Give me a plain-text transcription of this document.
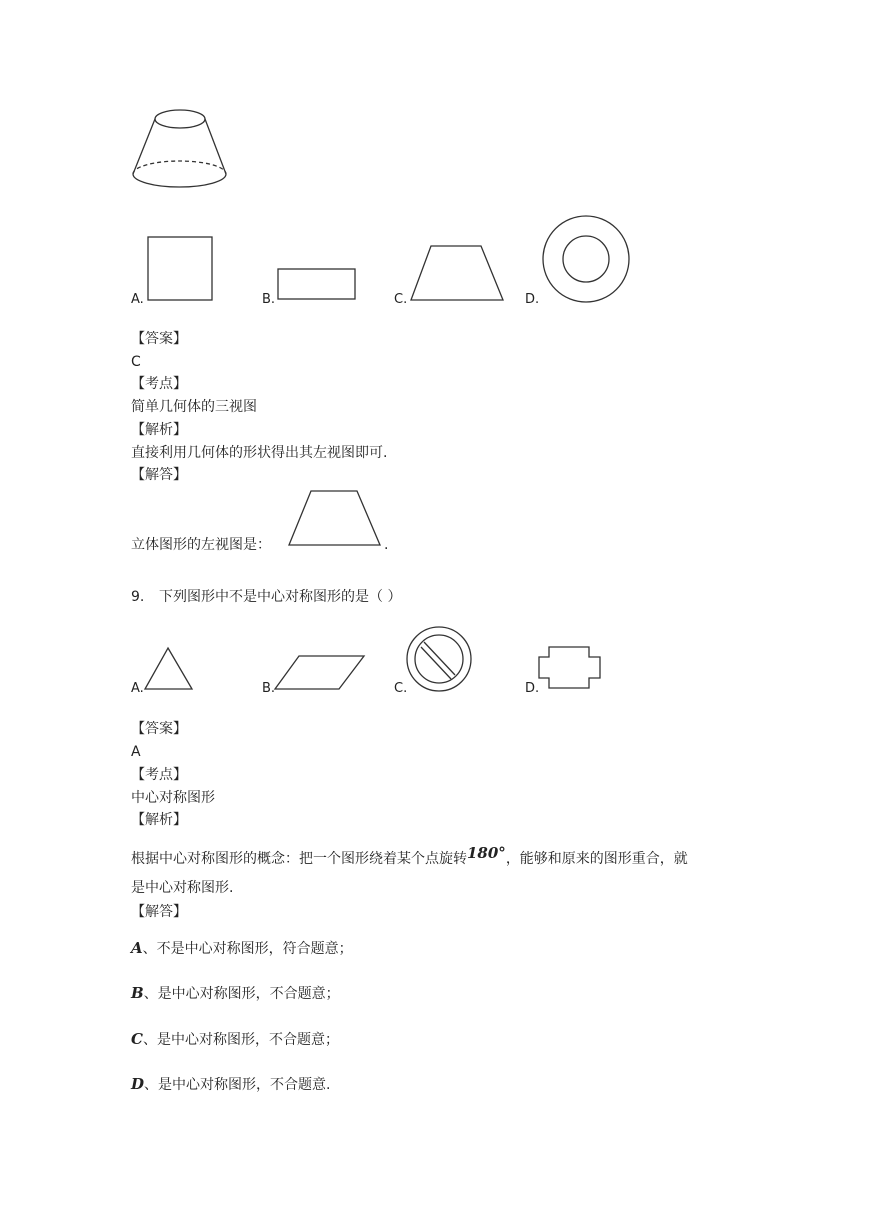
A.	B.	C.	D.
【答案】
C
【考点】
简单几何体的三视图
【解析】
直接利用几何体的形状得出其左视图即可.
【解答】
立体图形的左视图是：	.
9. 下列图形中不是中心对称图形的是（ ）
A.	B.	C.	D.
【答案】
A
【考点】
中心对称图形
【解析】
根据中心对称图形的概念：把一个图形绕着某个点旋转180°，能够和原来的图形重合，就
是中心对称图形.
【解答】
A、不是中心对称图形，符合题意；
B、是中心对称图形，不合题意；
C、是中心对称图形，不合题意；
D、是中心对称图形，不合题意.
